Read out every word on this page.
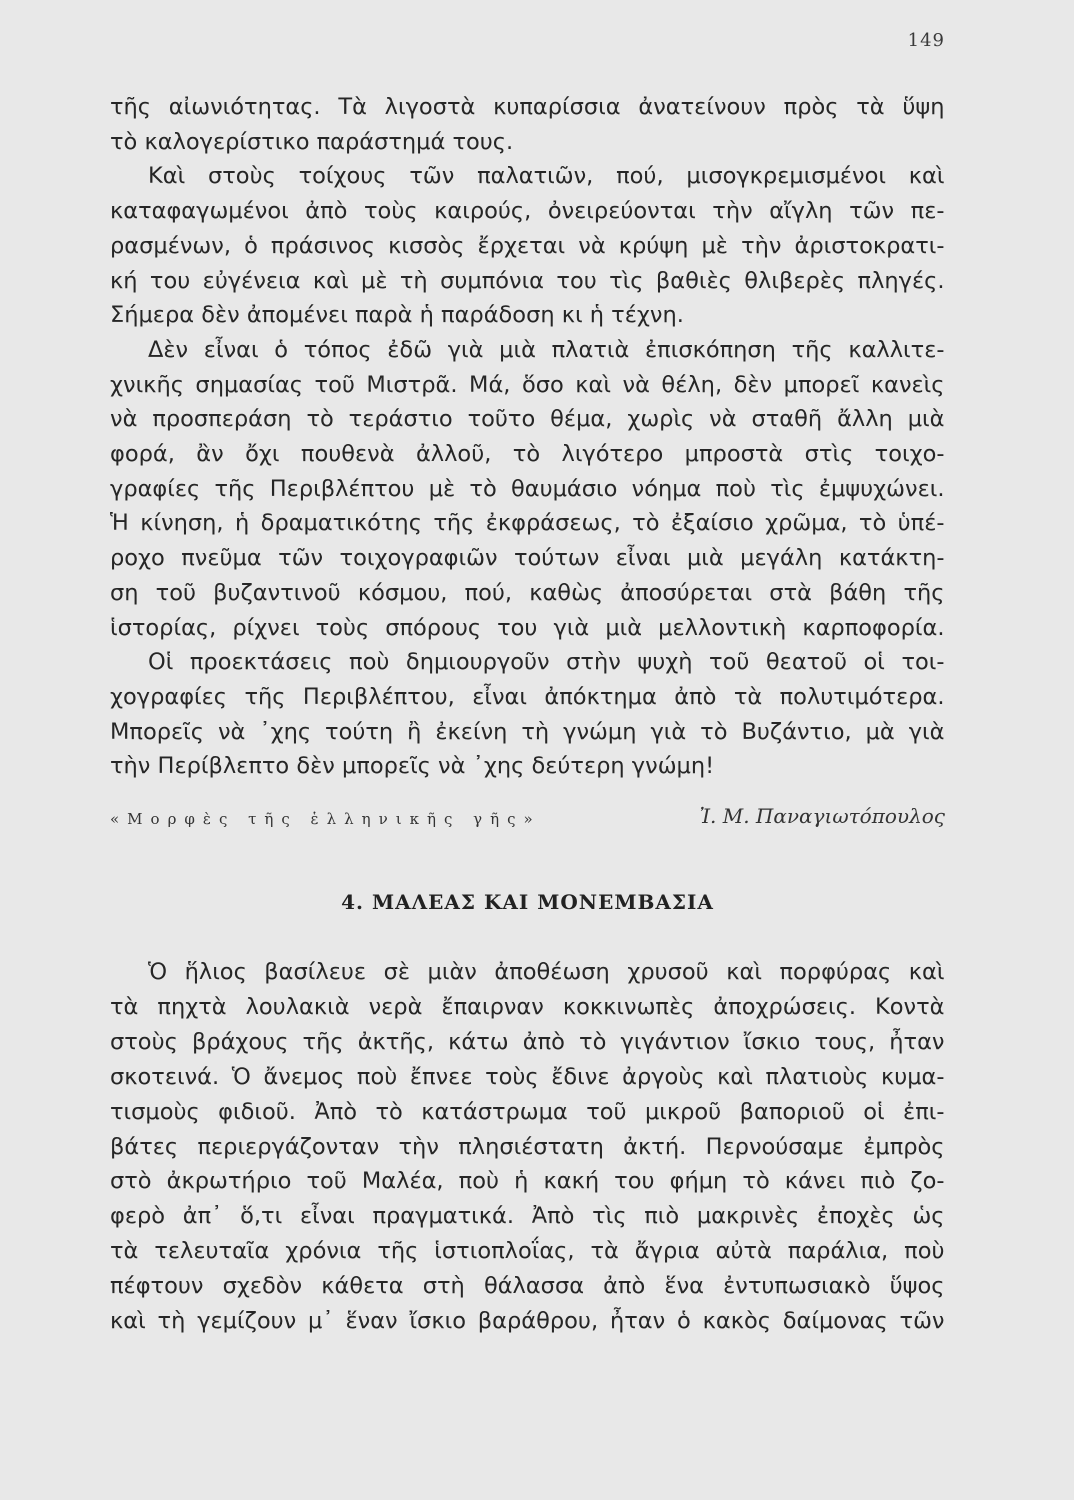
149
τῆς αἰωνιότητας. Τὰ λιγοστὰ κυπαρίσσια ἀνατείνουν πρὸς τὰ ὕψη
τὸ καλογερίστικο παράστημά τους.
Καὶ στοὺς τοίχους τῶν παλατιῶν, πού, μισογκρεμισμένοι καὶ
καταφαγωμένοι ἀπὸ τοὺς καιρούς, ὀνειρεύονται τὴν αἴγλη τῶν πε-
ρασμένων, ὁ πράσινος κισσὸς ἔρχεται νὰ κρύψη μὲ τὴν ἀριστοκρατι-
κή του εὐγένεια καὶ μὲ τὴ συμπόνια του τὶς βαθιὲς θλιβερὲς πληγές.
Σήμερα δὲν ἀπομένει παρὰ ἡ παράδοση κι ἡ τέχνη.
Δὲν εἶναι ὁ τόπος ἐδῶ γιὰ μιὰ πλατιὰ ἐπισκόπηση τῆς καλλιτε-
χνικῆς σημασίας τοῦ Μιστρᾶ. Μά, ὅσο καὶ νὰ θέλη, δὲν μπορεῖ κανεὶς
νὰ προσπεράση τὸ τεράστιο τοῦτο θέμα, χωρὶς νὰ σταθῆ ἄλλη μιὰ
φορά, ἂν ὄχι πουθενὰ ἀλλοῦ, τὸ λιγότερο μπροστὰ στὶς τοιχο-
γραφίες τῆς Περιβλέπτου μὲ τὸ θαυμάσιο νόημα ποὺ τὶς ἐμψυχώνει.
Ἡ κίνηση, ἡ δραματικότης τῆς ἐκφράσεως, τὸ ἐξαίσιο χρῶμα, τὸ ὑπέ-
ροχο πνεῦμα τῶν τοιχογραφιῶν τούτων εἶναι μιὰ μεγάλη κατάκτη-
ση τοῦ βυζαντινοῦ κόσμου, πού, καθὼς ἀποσύρεται στὰ βάθη τῆς
ἱστορίας, ρίχνει τοὺς σπόρους του γιὰ μιὰ μελλοντικὴ καρποφορία.
Οἱ προεκτάσεις ποὺ δημιουργοῦν στὴν ψυχὴ τοῦ θεατοῦ οἱ τοι-
χογραφίες τῆς Περιβλέπτου, εἶναι ἀπόκτημα ἀπὸ τὰ πολυτιμότερα.
Μπορεῖς νὰ ᾽χης τούτη ἢ ἐκείνη τὴ γνώμη γιὰ τὸ Βυζάντιο, μὰ γιὰ
τὴν Περίβλεπτο δὲν μπορεῖς νὰ ᾽χης δεύτερη γνώμη!
«Μορφὲς τῆς ἑλληνικῆς γῆς»	Ἰ. Μ. Παναγιωτόπουλος
4. ΜΑΛΕΑΣ ΚΑΙ ΜΟΝΕΜΒΑΣΙΑ
Ὁ ἥλιος βασίλευε σὲ μιὰν ἀποθέωση χρυσοῦ καὶ πορφύρας καὶ
τὰ πηχτὰ λουλακιὰ νερὰ ἔπαιρναν κοκκινωπὲς ἀποχρώσεις. Κοντὰ
στοὺς βράχους τῆς ἀκτῆς, κάτω ἀπὸ τὸ γιγάντιον ἴσκιο τους, ἦταν
σκοτεινά. Ὁ ἄνεμος ποὺ ἔπνεε τοὺς ἔδινε ἀργοὺς καὶ πλατιοὺς κυμα-
τισμοὺς φιδιοῦ. Ἀπὸ τὸ κατάστρωμα τοῦ μικροῦ βαποριοῦ οἱ ἐπι-
βάτες περιεργάζονταν τὴν πλησιέστατη ἀκτή. Περνούσαμε ἐμπρὸς
στὸ ἀκρωτήριο τοῦ Μαλέα, ποὺ ἡ κακή του φήμη τὸ κάνει πιὸ ζο-
φερὸ ἀπ᾽ ὅ,τι εἶναι πραγματικά. Ἀπὸ τὶς πιὸ μακρινὲς ἐποχὲς ὡς
τὰ τελευταῖα χρόνια τῆς ἱστιοπλοΐας, τὰ ἄγρια αὐτὰ παράλια, ποὺ
πέφτουν σχεδὸν κάθετα στὴ θάλασσα ἀπὸ ἕνα ἐντυπωσιακὸ ὕψος
καὶ τὴ γεμίζουν μ᾽ ἕναν ἴσκιο βαράθρου, ἦταν ὁ κακὸς δαίμονας τῶν
